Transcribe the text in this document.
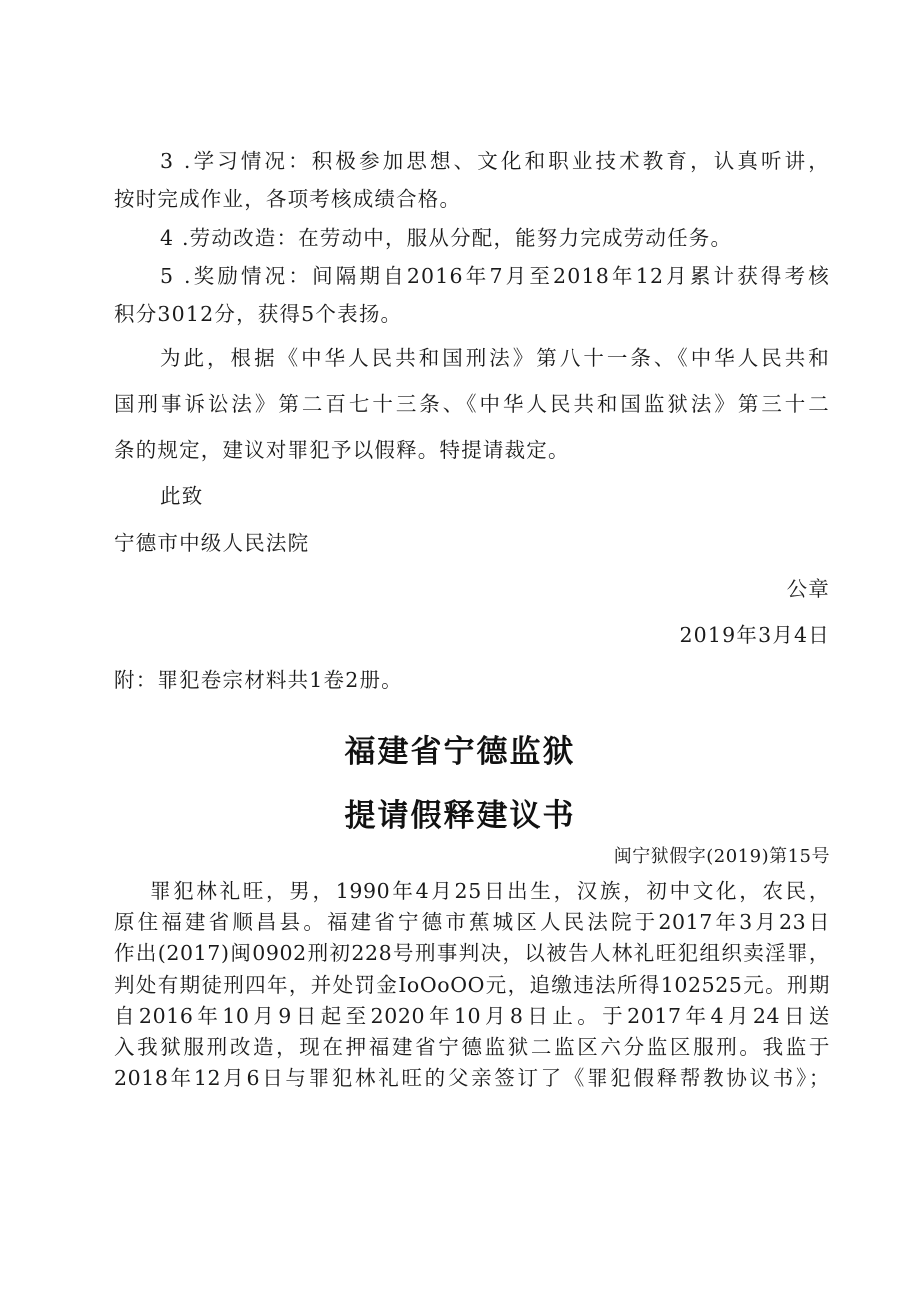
3 .学习情况：积极参加思想、文化和职业技术教育，认真听讲，
按时完成作业，各项考核成绩合格。
4 .劳动改造：在劳动中，服从分配，能努力完成劳动任务。
5 .奖励情况：间隔期自2016年7月至2018年12月累计获得考核
积分3012分，获得5个表扬。
为此，根据《中华人民共和国刑法》第八十一条、《中华人民共和
国刑事诉讼法》第二百七十三条、《中华人民共和国监狱法》第三十二
条的规定，建议对罪犯予以假释。特提请裁定。
此致
宁德市中级人民法院
公章
2019年3月4日
附：罪犯卷宗材料共1卷2册。
福建省宁德监狱
提请假释建议书
闽宁狱假字(2019)第15号
罪犯林礼旺，男，1990年4月25日出生，汉族，初中文化，农民，
原住福建省顺昌县。福建省宁德市蕉城区人民法院于2017年3月23日
作出(2017)闽0902刑初228号刑事判决，以被告人林礼旺犯组织卖淫罪，
判处有期徒刑四年，并处罚金IoOoOO元，追缴违法所得102525元。刑期
自2016年10月9日起至2020年10月8日止。于2017年4月24日送
入我狱服刑改造，现在押福建省宁德监狱二监区六分监区服刑。我监于
2018年12月6日与罪犯林礼旺的父亲签订了《罪犯假释帮教协议书》；
